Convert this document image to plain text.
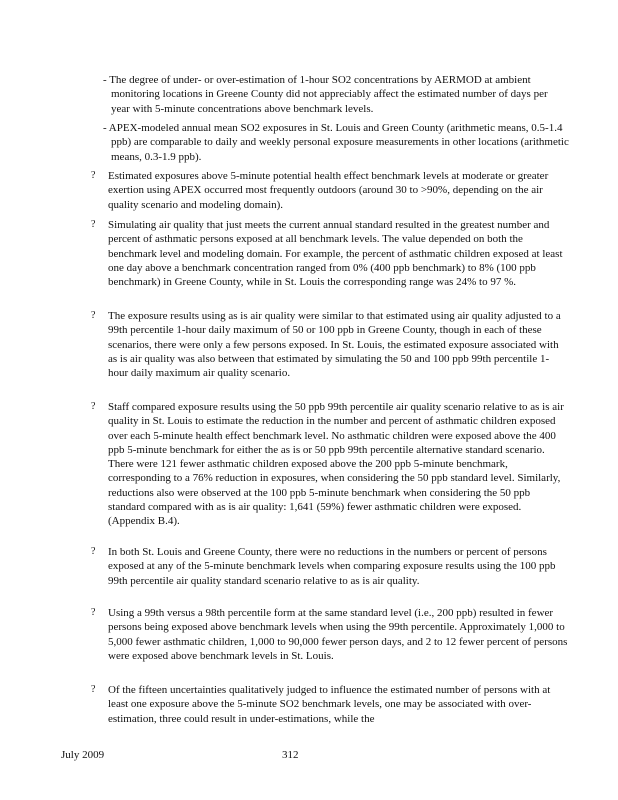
- The degree of under- or over-estimation of 1-hour SO2 concentrations by AERMOD at ambient monitoring locations in Greene County did not appreciably affect the estimated number of days per year with 5-minute concentrations above benchmark levels.
- APEX-modeled annual mean SO2 exposures in St. Louis and Green County (arithmetic means, 0.5-1.4 ppb) are comparable to daily and weekly personal exposure measurements in other locations (arithmetic means, 0.3-1.9 ppb).
? Estimated exposures above 5-minute potential health effect benchmark levels at moderate or greater exertion using APEX occurred most frequently outdoors (around 30 to >90%, depending on the air quality scenario and modeling domain).
? Simulating air quality that just meets the current annual standard resulted in the greatest number and percent of asthmatic persons exposed at all benchmark levels. The value depended on both the benchmark level and modeling domain. For example, the percent of asthmatic children exposed at least one day above a benchmark concentration ranged from 0% (400 ppb benchmark) to 8% (100 ppb benchmark) in Greene County, while in St. Louis the corresponding range was 24% to 97 %.
? The exposure results using as is air quality were similar to that estimated using air quality adjusted to a 99th percentile 1-hour daily maximum of 50 or 100 ppb in Greene County, though in each of these scenarios, there were only a few persons exposed. In St. Louis, the estimated exposure associated with as is air quality was also between that estimated by simulating the 50 and 100 ppb 99th percentile 1-hour daily maximum air quality scenario.
? Staff compared exposure results using the 50 ppb 99th percentile air quality scenario relative to as is air quality in St. Louis to estimate the reduction in the number and percent of asthmatic children exposed over each 5-minute health effect benchmark level. No asthmatic children were exposed above the 400 ppb 5-minute benchmark for either the as is or 50 ppb 99th percentile alternative standard scenario. There were 121 fewer asthmatic children exposed above the 200 ppb 5-minute benchmark, corresponding to a 76% reduction in exposures, when considering the 50 ppb standard level. Similarly, reductions also were observed at the 100 ppb 5-minute benchmark when considering the 50 ppb standard compared with as is air quality: 1,641 (59%) fewer asthmatic children were exposed. (Appendix B.4).
? In both St. Louis and Greene County, there were no reductions in the numbers or percent of persons exposed at any of the 5-minute benchmark levels when comparing exposure results using the 100 ppb 99th percentile air quality standard scenario relative to as is air quality.
? Using a 99th versus a 98th percentile form at the same standard level (i.e., 200 ppb) resulted in fewer persons being exposed above benchmark levels when using the 99th percentile. Approximately 1,000 to 5,000 fewer asthmatic children, 1,000 to 90,000 fewer person days, and 2 to 12 fewer percent of persons were exposed above benchmark levels in St. Louis.
? Of the fifteen uncertainties qualitatively judged to influence the estimated number of persons with at least one exposure above the 5-minute SO2 benchmark levels, one may be associated with over-estimation, three could result in under-estimations, while the
July 2009	312
